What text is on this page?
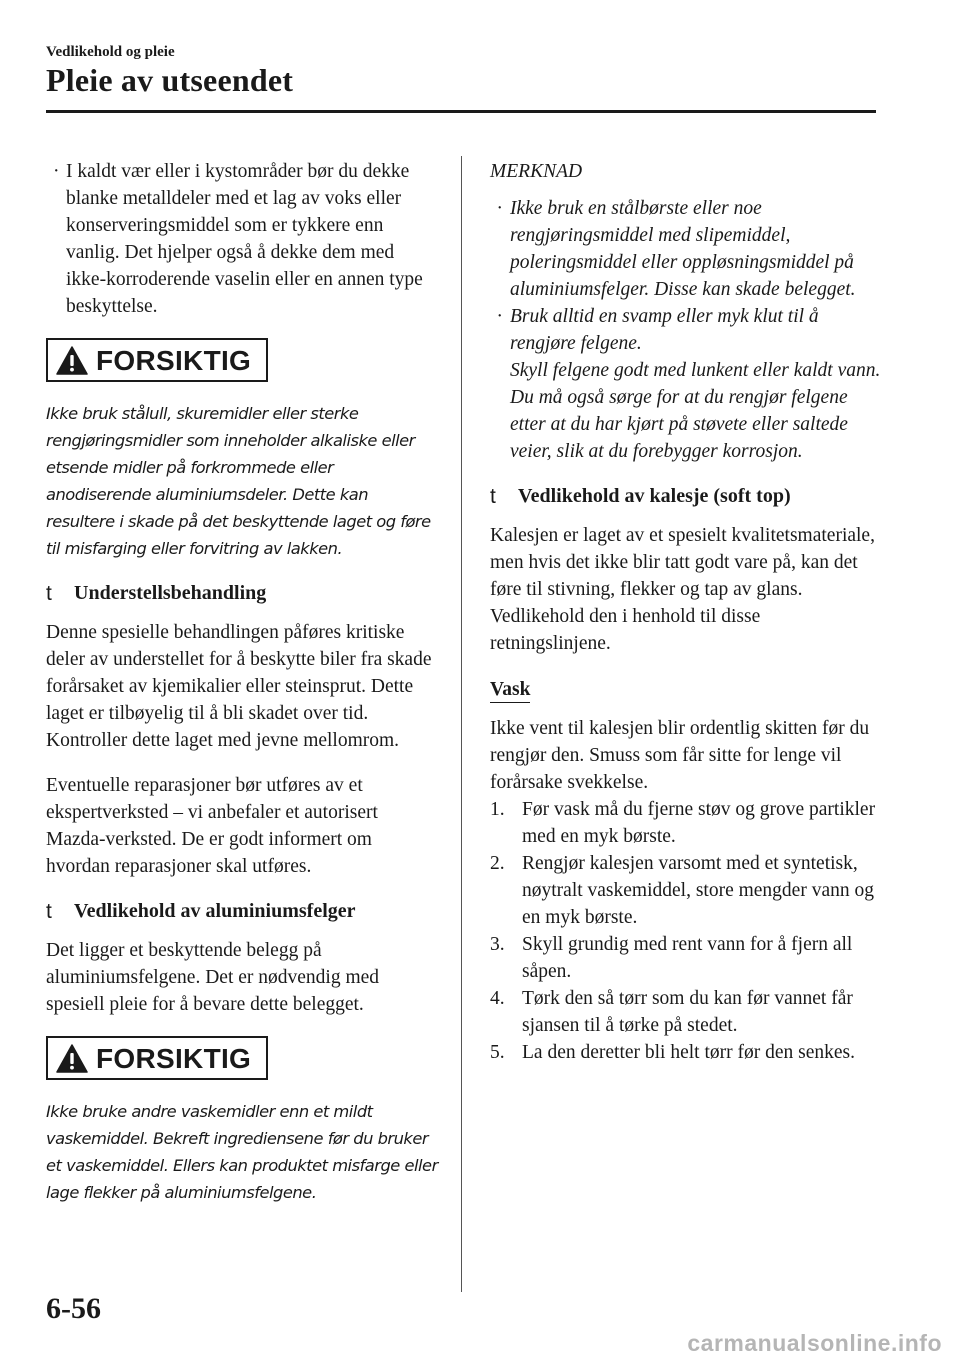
Vedlikehold og pleie
Pleie av utseendet

· I kaldt vær eller i kystområder bør du dekke blanke metalldeler med et lag av voks eller konserveringsmiddel som er tykkere enn vanlig. Det hjelper også å dekke dem med ikke-korroderende vaselin eller en annen type beskyttelse.

FORSIKTIG

Ikke bruk stålull, skuremidler eller sterke rengjøringsmidler som inneholder alkaliske eller etsende midler på forkrommede eller anodiserende aluminiumsdeler. Dette kan resultere i skade på det beskyttende laget og føre til misfarging eller forvitring av lakken.

t	Understellsbehandling

Denne spesielle behandlingen påføres kritiske deler av understellet for å beskytte biler fra skade forårsaket av kjemikalier eller steinsprut. Dette laget er tilbøyelig til å bli skadet over tid. Kontroller dette laget med jevne mellomrom.

Eventuelle reparasjoner bør utføres av et ekspertverksted – vi anbefaler et autorisert Mazda-verksted. De er godt informert om hvordan reparasjoner skal utføres.

t	Vedlikehold av aluminiumsfelger

Det ligger et beskyttende belegg på aluminiumsfelgene. Det er nødvendig med spesiell pleie for å bevare dette belegget.

FORSIKTIG

Ikke bruke andre vaskemidler enn et mildt vaskemiddel. Bekreft ingrediensene før du bruker et vaskemiddel. Ellers kan produktet misfarge eller lage flekker på aluminiumsfelgene.

MERKNAD

· Ikke bruk en stålbørste eller noe rengjøringsmiddel med slipemiddel, poleringsmiddel eller oppløsningsmiddel på aluminiumsfelger. Disse kan skade belegget.

· Bruk alltid en svamp eller myk klut til å rengjøre felgene.

Skyll felgene godt med lunkent eller kaldt vann. Du må også sørge for at du rengjør felgene etter at du har kjørt på støvete eller saltede veier, slik at du forebygger korrosjon.

t	Vedlikehold av kalesje (soft top)

Kalesjen er laget av et spesielt kvalitetsmateriale, men hvis det ikke blir tatt godt vare på, kan det føre til stivning, flekker og tap av glans. Vedlikehold den i henhold til disse retningslinjene.

Vask

Ikke vent til kalesjen blir ordentlig skitten før du rengjør den. Smuss som får sitte for lenge vil forårsake svekkelse.

1. Før vask må du fjerne støv og grove partikler med en myk børste.
2. Rengjør kalesjen varsomt med et syntetisk, nøytralt vaskemiddel, store mengder vann og en myk børste.
3. Skyll grundig med rent vann for å fjern all såpen.
4. Tørk den så tørr som du kan før vannet får sjansen til å tørke på stedet.
5. La den deretter bli helt tørr før den senkes.
6-56
carmanualsonline.info
